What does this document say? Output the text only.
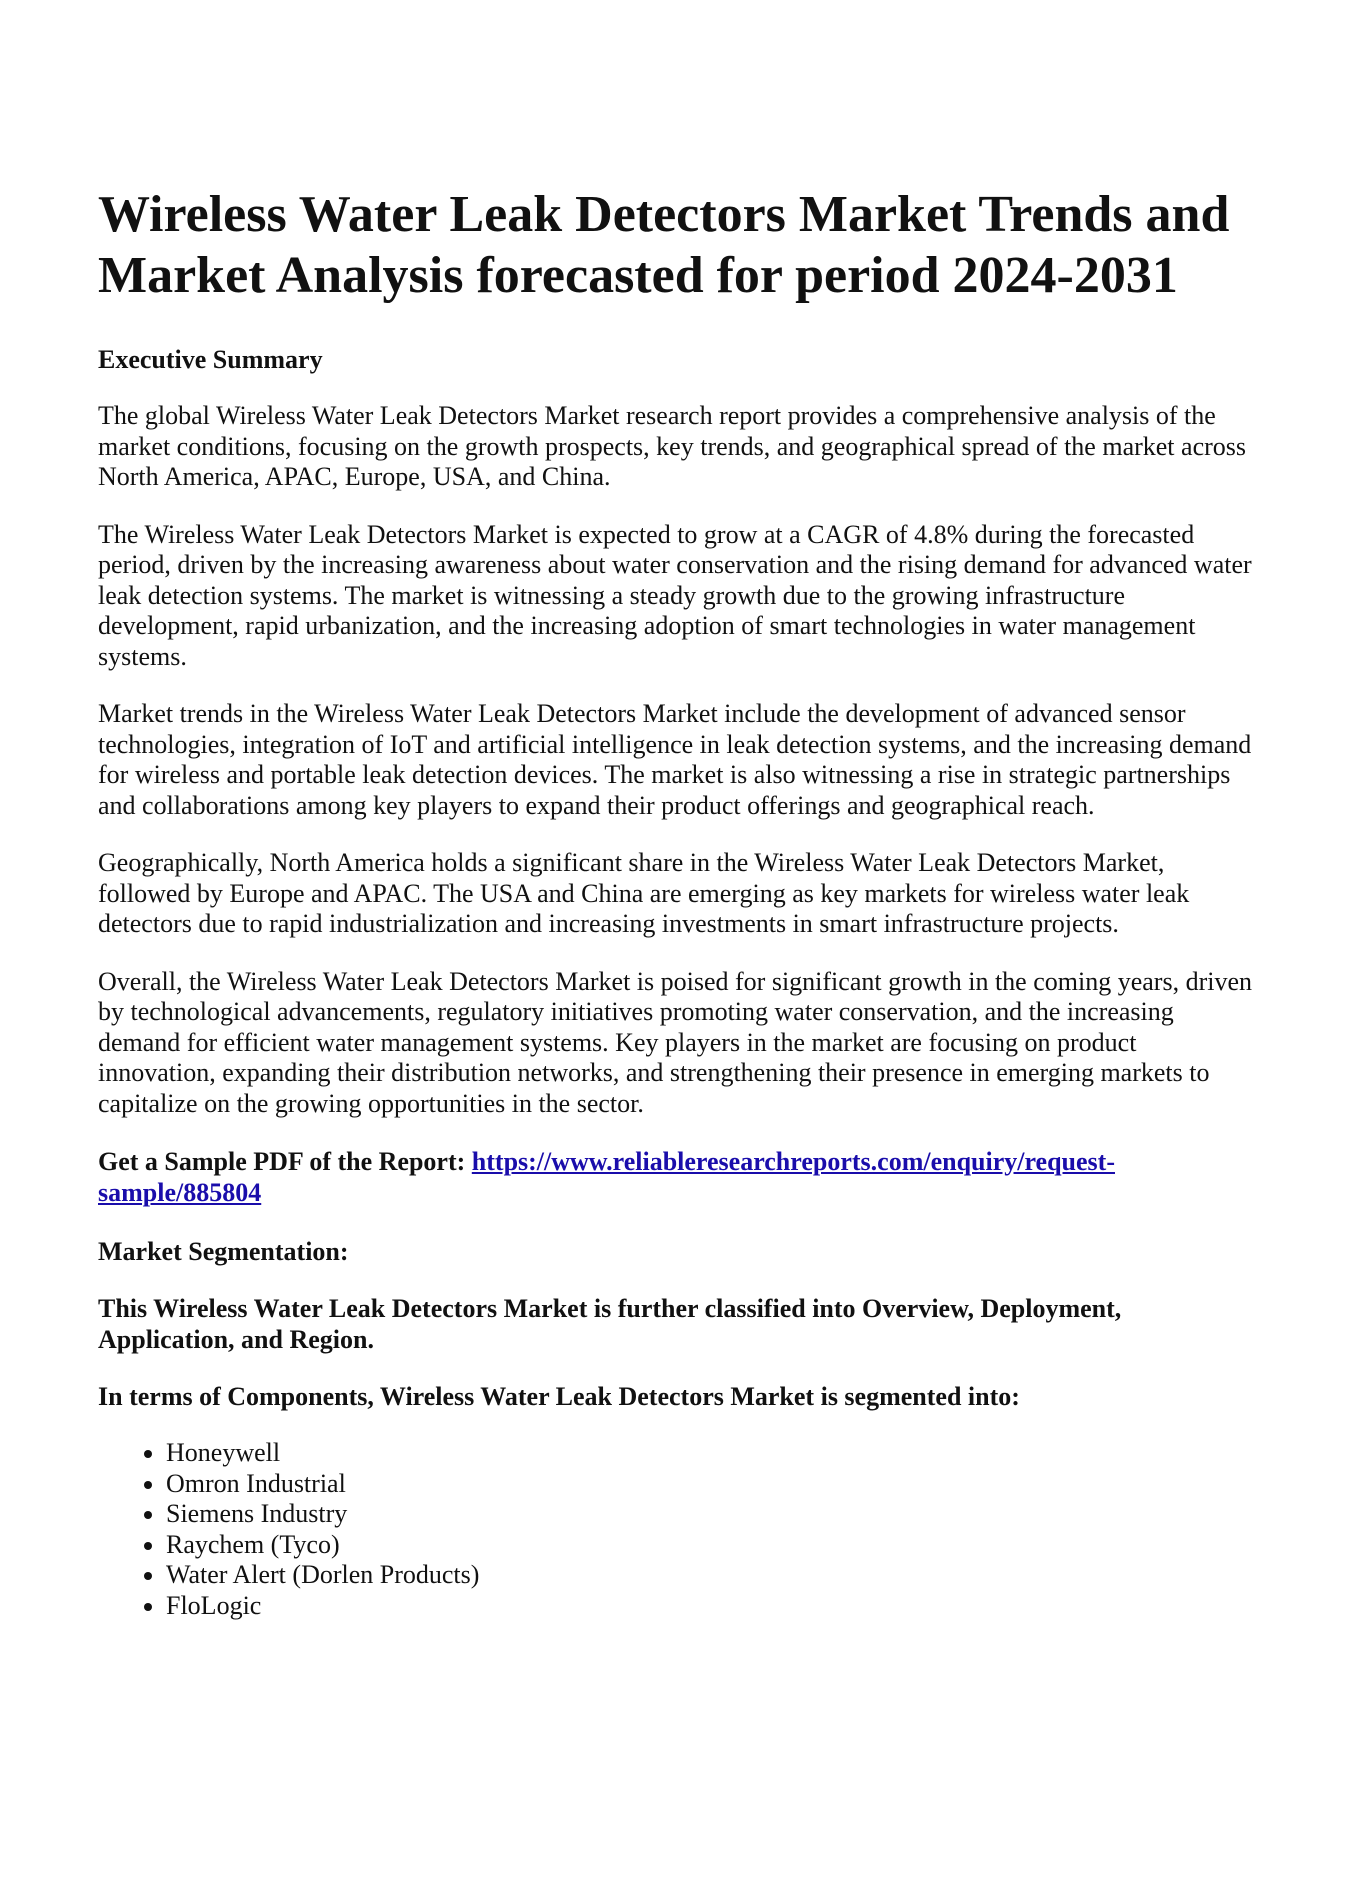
Wireless Water Leak Detectors Market Trends and Market Analysis forecasted for period 2024-2031
Executive Summary

The global Wireless Water Leak Detectors Market research report provides a comprehensive analysis of the market conditions, focusing on the growth prospects, key trends, and geographical spread of the market across North America, APAC, Europe, USA, and China.

The Wireless Water Leak Detectors Market is expected to grow at a CAGR of 4.8% during the forecasted period, driven by the increasing awareness about water conservation and the rising demand for advanced water leak detection systems. The market is witnessing a steady growth due to the growing infrastructure development, rapid urbanization, and the increasing adoption of smart technologies in water management systems.

Market trends in the Wireless Water Leak Detectors Market include the development of advanced sensor technologies, integration of IoT and artificial intelligence in leak detection systems, and the increasing demand for wireless and portable leak detection devices. The market is also witnessing a rise in strategic partnerships and collaborations among key players to expand their product offerings and geographical reach.

Geographically, North America holds a significant share in the Wireless Water Leak Detectors Market, followed by Europe and APAC. The USA and China are emerging as key markets for wireless water leak detectors due to rapid industrialization and increasing investments in smart infrastructure projects.

Overall, the Wireless Water Leak Detectors Market is poised for significant growth in the coming years, driven by technological advancements, regulatory initiatives promoting water conservation, and the increasing demand for efficient water management systems. Key players in the market are focusing on product innovation, expanding their distribution networks, and strengthening their presence in emerging markets to capitalize on the growing opportunities in the sector.

Get a Sample PDF of the Report: https://www.reliableresearchreports.com/enquiry/request-sample/885804
Market Segmentation:
This Wireless Water Leak Detectors Market is further classified into Overview, Deployment, Application, and Region.
In terms of Components, Wireless Water Leak Detectors Market is segmented into:
• Honeywell
• Omron Industrial
• Siemens Industry
• Raychem (Tyco)
• Water Alert (Dorlen Products)
• FloLogic
